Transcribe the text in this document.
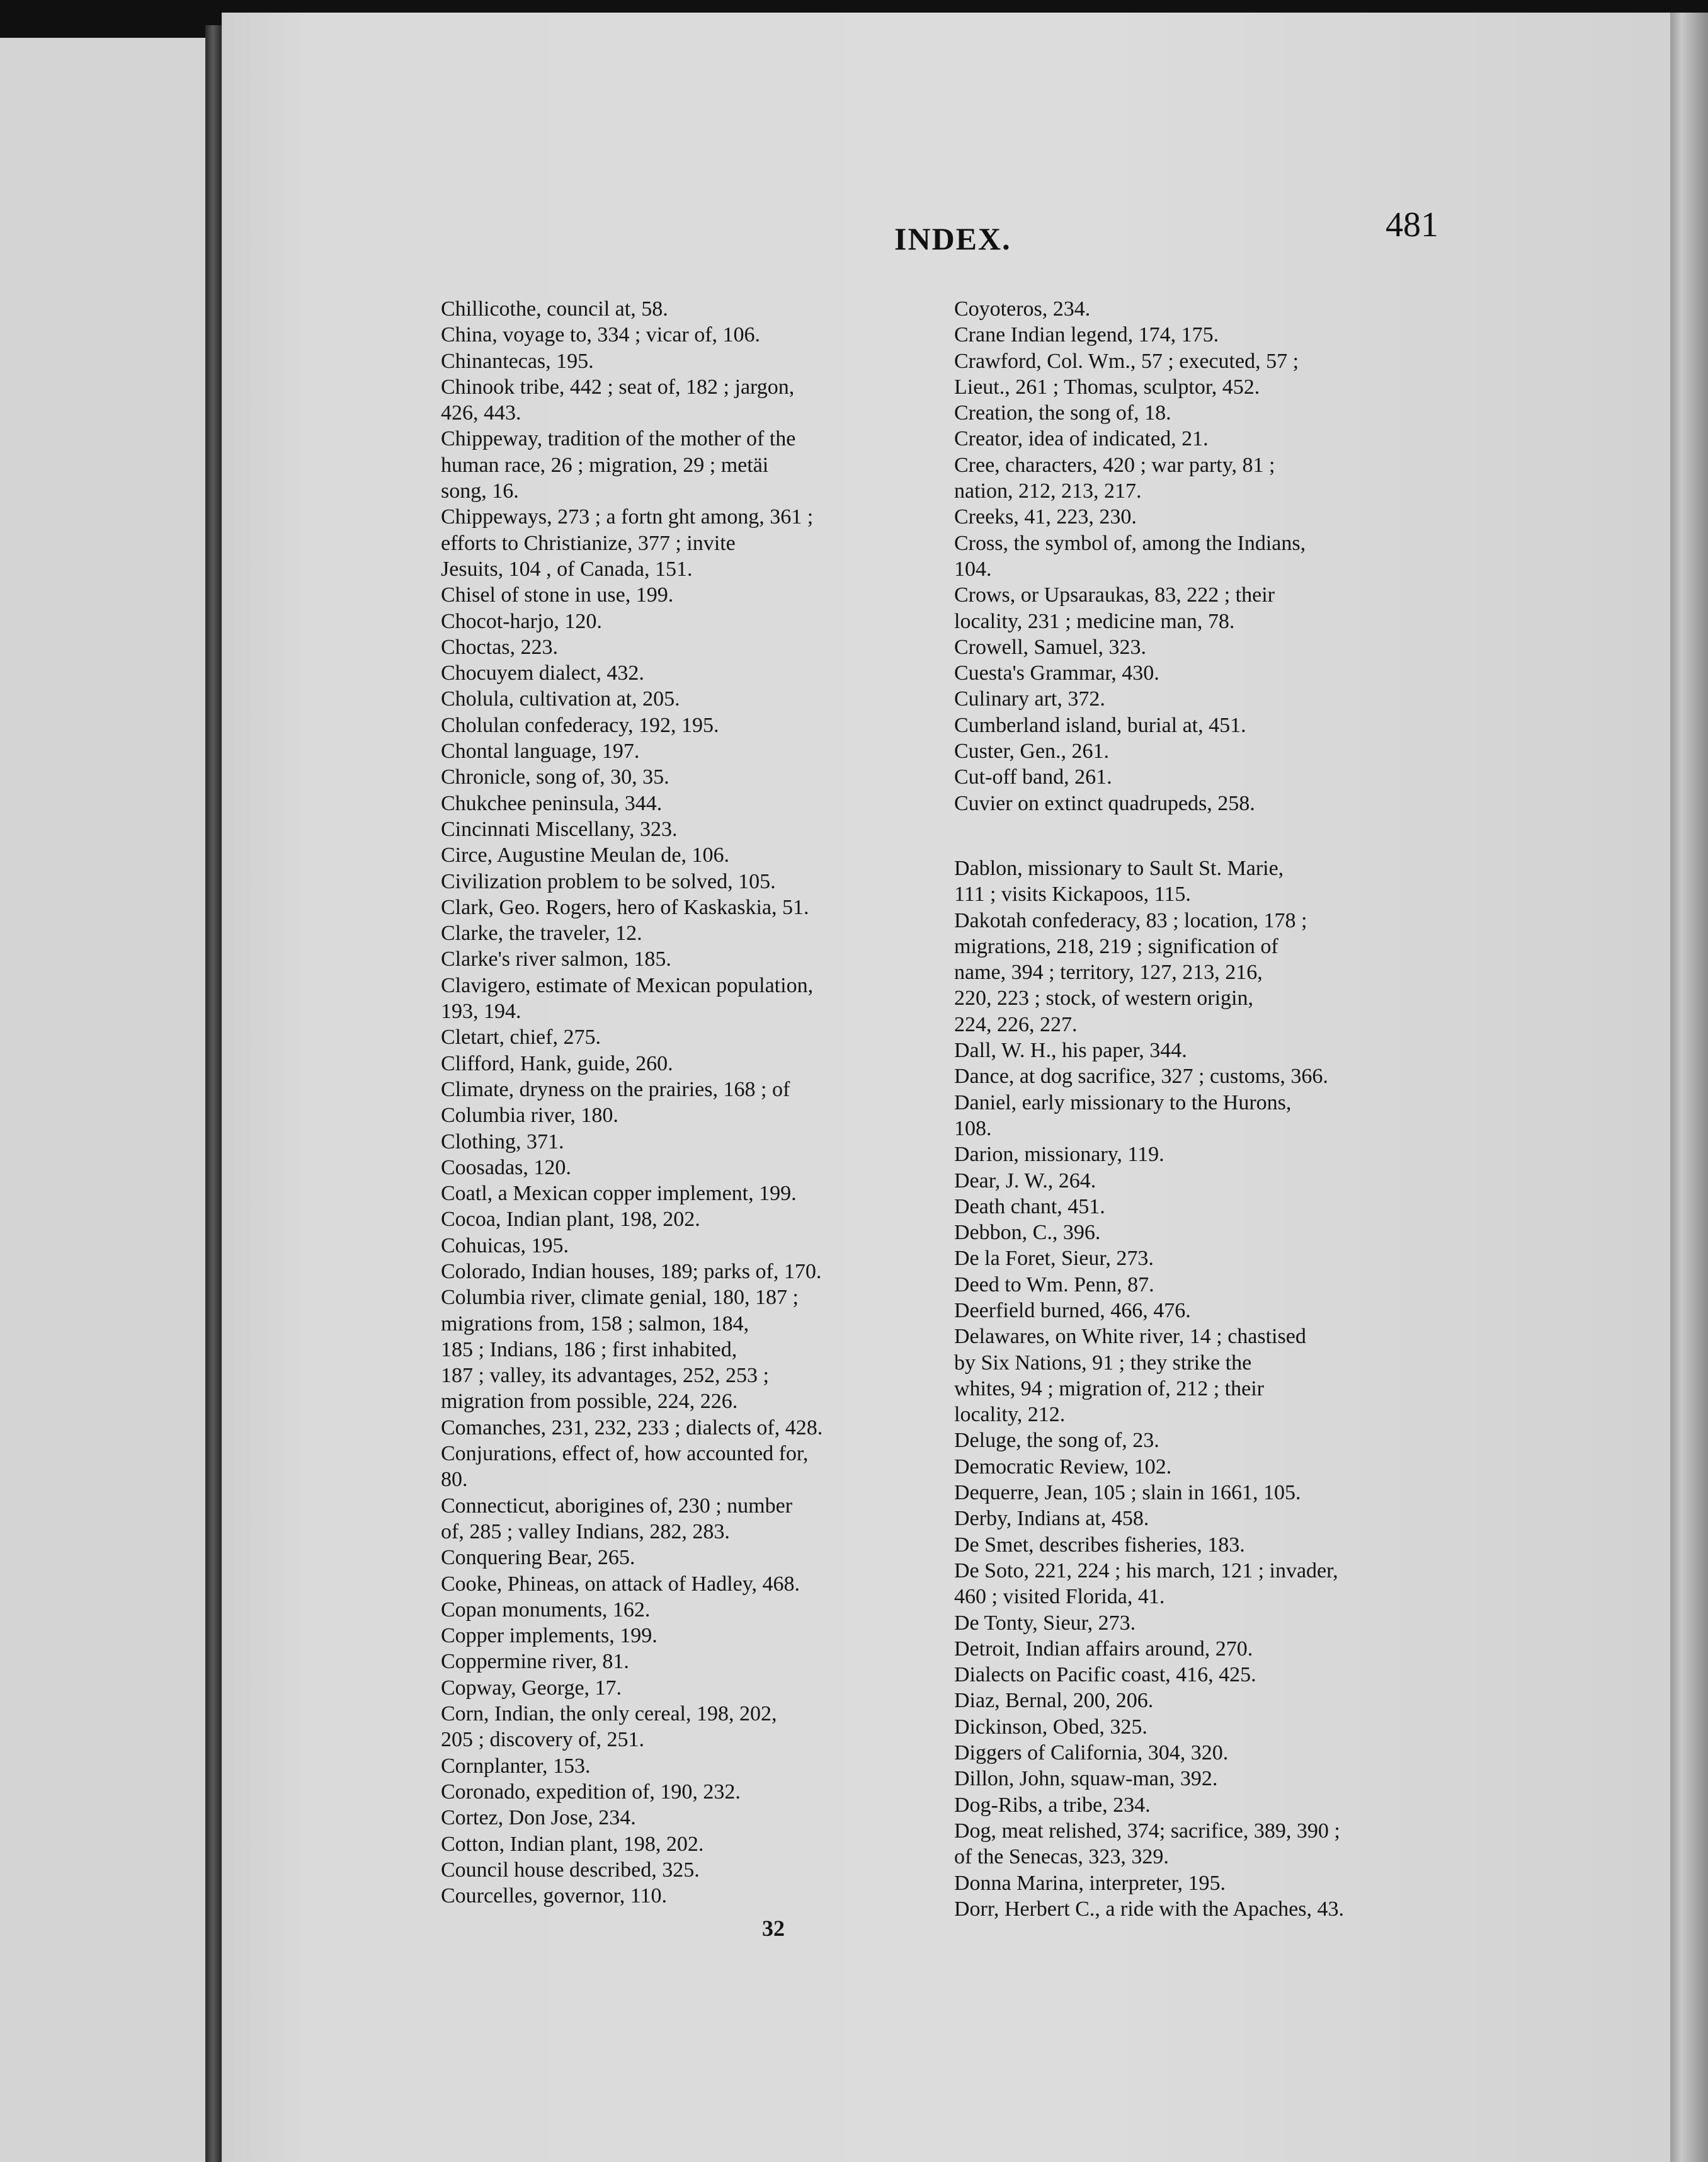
INDEX.	481
Chillicothe, council at, 58.
China, voyage to, 334 ; vicar of, 106.
Chinantecas, 195.
Chinook tribe, 442 ; seat of, 182 ; jargon,
426, 443.
Chippeway, tradition of the mother of the
human race, 26 ; migration, 29 ; metäi
song, 16.
Chippeways, 273 ; a fortn ght among, 361 ;
efforts to Christianize, 377 ; invite
Jesuits, 104 , of Canada, 151.
Chisel of stone in use, 199.
Chocot-harjo, 120.
Choctas, 223.
Chocuyem dialect, 432.
Cholula, cultivation at, 205.
Cholulan confederacy, 192, 195.
Chontal language, 197.
Chronicle, song of, 30, 35.
Chukchee peninsula, 344.
Cincinnati Miscellany, 323.
Circe, Augustine Meulan de, 106.
Civilization problem to be solved, 105.
Clark, Geo. Rogers, hero of Kaskaskia, 51.
Clarke, the traveler, 12.
Clarke's river salmon, 185.
Clavigero, estimate of Mexican population,
193, 194.
Cletart, chief, 275.
Clifford, Hank, guide, 260.
Climate, dryness on the prairies, 168 ; of
Columbia river, 180.
Clothing, 371.
Coosadas, 120.
Coatl, a Mexican copper implement, 199.
Cocoa, Indian plant, 198, 202.
Cohuicas, 195.
Colorado, Indian houses, 189; parks of, 170.
Columbia river, climate genial, 180, 187 ;
migrations from, 158 ; salmon, 184,
185 ; Indians, 186 ; first inhabited,
187 ; valley, its advantages, 252, 253 ;
migration from possible, 224, 226.
Comanches, 231, 232, 233 ; dialects of, 428.
Conjurations, effect of, how accounted for,
80.
Connecticut, aborigines of, 230 ; number
of, 285 ; valley Indians, 282, 283.
Conquering Bear, 265.
Cooke, Phineas, on attack of Hadley, 468.
Copan monuments, 162.
Copper implements, 199.
Coppermine river, 81.
Copway, George, 17.
Corn, Indian, the only cereal, 198, 202,
205 ; discovery of, 251.
Cornplanter, 153.
Coronado, expedition of, 190, 232.
Cortez, Don Jose, 234.
Cotton, Indian plant, 198, 202.
Council house described, 325.
Courcelles, governor, 110.
Coyoteros, 234.
Crane Indian legend, 174, 175.
Crawford, Col. Wm., 57 ; executed, 57 ;
Lieut., 261 ; Thomas, sculptor, 452.
Creation, the song of, 18.
Creator, idea of indicated, 21.
Cree, characters, 420 ; war party, 81 ;
nation, 212, 213, 217.
Creeks, 41, 223, 230.
Cross, the symbol of, among the Indians,
104.
Crows, or Upsaraukas, 83, 222 ; their
locality, 231 ; medicine man, 78.
Crowell, Samuel, 323.
Cuesta's Grammar, 430.
Culinary art, 372.
Cumberland island, burial at, 451.
Custer, Gen., 261.
Cut-off band, 261.
Cuvier on extinct quadrupeds, 258.
Dablon, missionary to Sault St. Marie,
111 ; visits Kickapoos, 115.
Dakotah confederacy, 83 ; location, 178 ;
migrations, 218, 219 ; signification of
name, 394 ; territory, 127, 213, 216,
220, 223 ; stock, of western origin,
224, 226, 227.
Dall, W. H., his paper, 344.
Dance, at dog sacrifice, 327 ; customs, 366.
Daniel, early missionary to the Hurons,
108.
Darion, missionary, 119.
Dear, J. W., 264.
Death chant, 451.
Debbon, C., 396.
De la Foret, Sieur, 273.
Deed to Wm. Penn, 87.
Deerfield burned, 466, 476.
Delawares, on White river, 14 ; chastised
by Six Nations, 91 ; they strike the
whites, 94 ; migration of, 212 ; their
locality, 212.
Deluge, the song of, 23.
Democratic Review, 102.
Dequerre, Jean, 105 ; slain in 1661, 105.
Derby, Indians at, 458.
De Smet, describes fisheries, 183.
De Soto, 221, 224 ; his march, 121 ; invader,
460 ; visited Florida, 41.
De Tonty, Sieur, 273.
Detroit, Indian affairs around, 270.
Dialects on Pacific coast, 416, 425.
Diaz, Bernal, 200, 206.
Dickinson, Obed, 325.
Diggers of California, 304, 320.
Dillon, John, squaw-man, 392.
Dog-Ribs, a tribe, 234.
Dog, meat relished, 374; sacrifice, 389, 390 ;
of the Senecas, 323, 329.
Donna Marina, interpreter, 195.
Dorr, Herbert C., a ride with the Apaches, 43.
32
